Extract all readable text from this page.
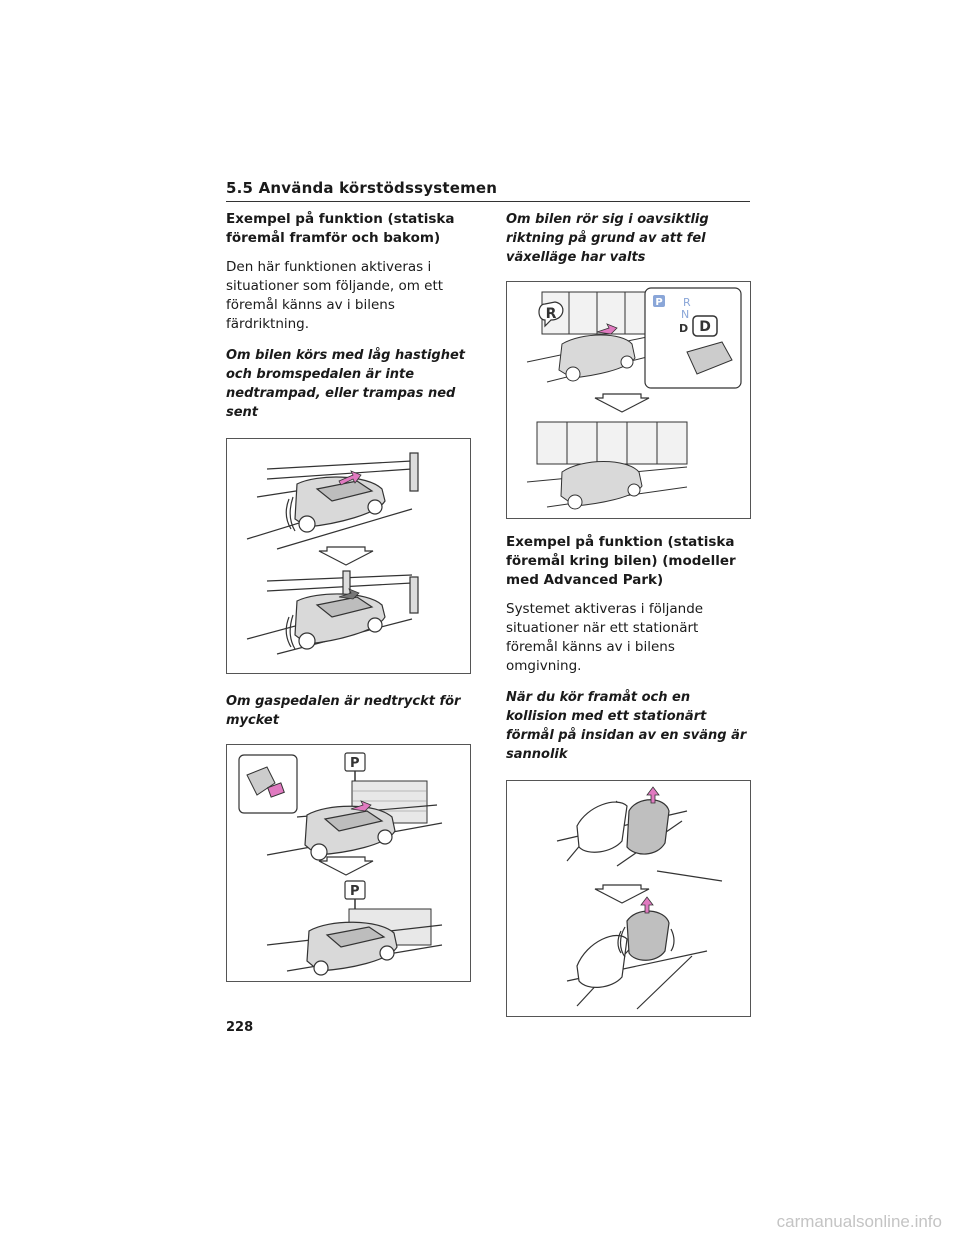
5.5 Använda körstödssystemen
Exempel på funktion (statiska föremål framför och bakom)

Den här funktionen aktiveras i situationer som följande, om ett föremål känns av i bilens färdriktning.

Om bilen körs med låg hastighet och bromspedalen är inte nedtrampad, eller trampas ned sent

Om gaspedalen är nedtryckt för mycket

P
P

Om bilen rör sig i oavsiktlig riktning på grund av att fel växelläge har valts

R
P R
N
D D
Exempel på funktion (statiska föremål kring bilen) (modeller med Advanced Park)

Systemet aktiveras i följande situationer när ett stationärt föremål känns av i bilens omgivning.

När du kör framåt och en kollision med ett stationärt förmål på insidan av en sväng är sannolik

228
carmanualsonline.info
